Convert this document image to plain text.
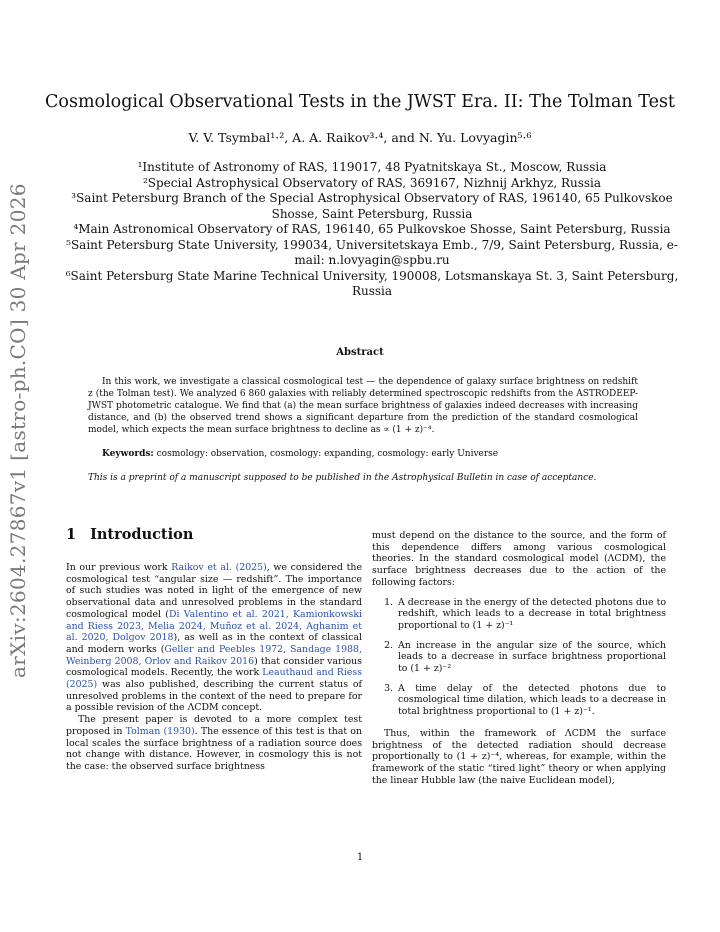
arXiv:2604.27867v1 [astro-ph.CO] 30 Apr 2026
Cosmological Observational Tests in the JWST Era. II: The Tolman Test
V. V. Tsymbal¹·², A. A. Raikov³·⁴, and N. Yu. Lovyagin⁵·⁶
¹Institute of Astronomy of RAS, 119017, 48 Pyatnitskaya St., Moscow, Russia
²Special Astrophysical Observatory of RAS, 369167, Nizhnij Arkhyz, Russia
³Saint Petersburg Branch of the Special Astrophysical Observatory of RAS, 196140, 65 Pulkovskoe Shosse, Saint Petersburg, Russia
⁴Main Astronomical Observatory of RAS, 196140, 65 Pulkovskoe Shosse, Saint Petersburg, Russia
⁵Saint Petersburg State University, 199034, Universitetskaya Emb., 7/9, Saint Petersburg, Russia, e-mail: n.lovyagin@spbu.ru
⁶Saint Petersburg State Marine Technical University, 190008, Lotsmanskaya St. 3, Saint Petersburg, Russia
Abstract
In this work, we investigate a classical cosmological test — the dependence of galaxy surface brightness on redshift z (the Tolman test). We analyzed 6 860 galaxies with reliably determined spectroscopic redshifts from the ASTRODEEP-JWST photometric catalogue. We find that (a) the mean surface brightness of galaxies indeed decreases with increasing distance, and (b) the observed trend shows a significant departure from the prediction of the standard cosmological model, which expects the mean surface brightness to decline as ∝ (1 + z)⁻⁴.
Keywords: cosmology: observation, cosmology: expanding, cosmology: early Universe
This is a preprint of a manuscript supposed to be published in the Astrophysical Bulletin in case of acceptance.
1 Introduction

In our previous work Raikov et al. (2025), we considered the cosmological test “angular size — redshift”. The importance of such studies was noted in light of the emergence of new observational data and unresolved problems in the standard cosmological model (Di Valentino et al. 2021, Kamionkowski and Riess 2023, Melia 2024, Muñoz et al. 2024, Aghanim et al. 2020, Dolgov 2018), as well as in the context of classical and modern works (Geller and Peebles 1972, Sandage 1988, Weinberg 2008, Orlov and Raikov 2016) that consider various cosmological models. Recently, the work Leauthaud and Riess (2025) was also published, describing the current status of unresolved problems in the context of the need to prepare for a possible revision of the ΛCDM concept.

The present paper is devoted to a more complex test proposed in Tolman (1930). The essence of this test is that on local scales the surface brightness of a radiation source does not change with distance. However, in cosmology this is not the case: the observed surface brightness

must depend on the distance to the source, and the form of this dependence differs among various cosmological theories. In the standard cosmological model (ΛCDM), the surface brightness decreases due to the action of the following factors:

1. A decrease in the energy of the detected photons due to redshift, which leads to a decrease in total brightness proportional to (1 + z)⁻¹
2. An increase in the angular size of the source, which leads to a decrease in surface brightness proportional to (1 + z)⁻²
3. A time delay of the detected photons due to cosmological time dilation, which leads to a decrease in total brightness proportional to (1 + z)⁻¹.

Thus, within the framework of ΛCDM the surface brightness of the detected radiation should decrease proportionally to (1 + z)⁻⁴, whereas, for example, within the framework of the static “tired light” theory or when applying the linear Hubble law (the naive Euclidean model),

1
